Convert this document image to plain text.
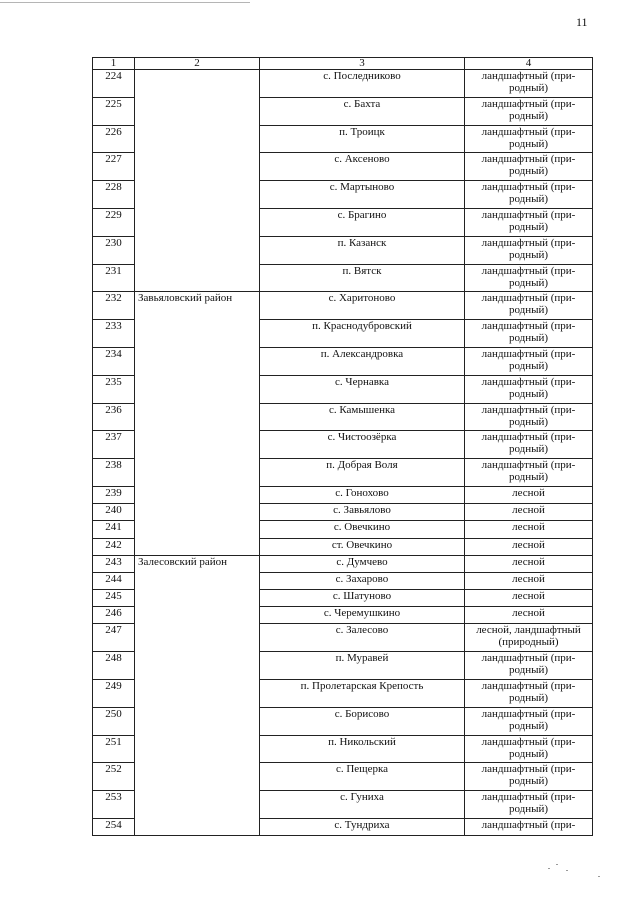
11
1	2	3	4
224		с. Последниково	ландшафтный (при-
родный)
225		с. Бахта	ландшафтный (при-
родный)
226		п. Троицк	ландшафтный (при-
родный)
227		с. Аксеново	ландшафтный (при-
родный)
228		с. Мартыново	ландшафтный (при-
родный)
229		с. Брагино	ландшафтный (при-
родный)
230		п. Казанск	ландшафтный (при-
родный)
231		п. Вятск	ландшафтный (при-
родный)
232	Завьяловский район	с. Харитоново	ландшафтный (при-
родный)
233		п. Краснодубровский	ландшафтный (при-
родный)
234		п. Александровка	ландшафтный (при-
родный)
235		с. Чернавка	ландшафтный (при-
родный)
236		с. Камышенка	ландшафтный (при-
родный)
237		с. Чистоозёрка	ландшафтный (при-
родный)
238		п. Добрая Воля	ландшафтный (при-
родный)
239		с. Гонохово	лесной
240		с. Завьялово	лесной
241		с. Овечкино	лесной
242		ст. Овечкино	лесной
243	Залесовский район	с. Думчево	лесной
244		с. Захарово	лесной
245		с. Шатуново	лесной
246		с. Черемушкино	лесной
247		с. Залесово	лесной, ландшафтный
(природный)
248		п. Муравей	ландшафтный (при-
родный)
249		п. Пролетарская Крепость	ландшафтный (при-
родный)
250		с. Борисово	ландшафтный (при-
родный)
251		п. Никольский	ландшафтный (при-
родный)
252		с. Пещерка	ландшафтный (при-
родный)
253		с. Гуниха	ландшафтный (при-
родный)
254		с. Тундриха	ландшафтный (при-
